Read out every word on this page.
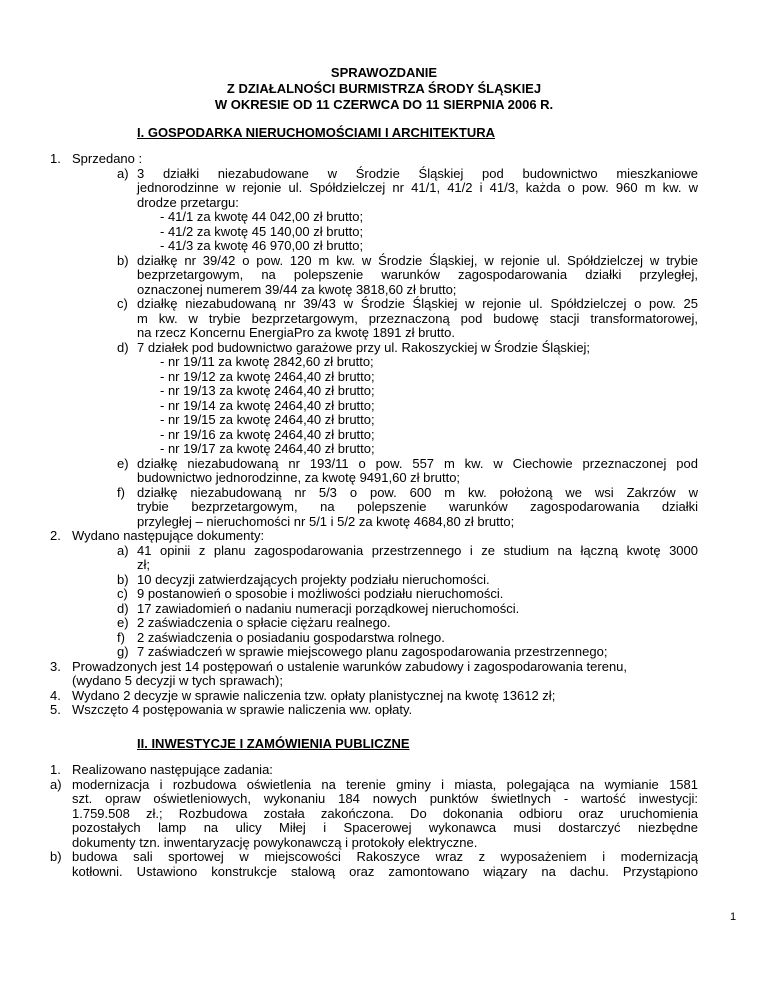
SPRAWOZDANIE
Z DZIAŁALNOŚCI BURMISTRZA ŚRODY ŚLĄSKIEJ
W OKRESIE OD 11 CZERWCA DO 11 SIERPNIA 2006 R.
I. GOSPODARKA NIERUCHOMOŚCIAMI I ARCHITEKTURA
1. Sprzedano :
a) 3 działki niezabudowane w Środzie Śląskiej pod budownictwo mieszkaniowe
jednorodzinne w rejonie ul. Spółdzielczej nr 41/1, 41/2 i 41/3, każda o pow. 960 m kw. w
drodze przetargu:
- 41/1 za kwotę 44 042,00 zł brutto;
- 41/2 za kwotę 45 140,00 zł brutto;
- 41/3 za kwotę 46 970,00 zł brutto;
b) działkę nr 39/42 o pow. 120 m kw. w Środzie Śląskiej, w rejonie ul. Spółdzielczej w trybie
bezprzetargowym, na polepszenie warunków zagospodarowania działki przyległej,
oznaczonej numerem 39/44 za kwotę 3818,60 zł brutto;
c) działkę niezabudowaną nr 39/43 w Środzie Śląskiej w rejonie ul. Spółdzielczej o pow. 25
m kw. w trybie bezprzetargowym, przeznaczoną pod budowę stacji transformatorowej,
na rzecz Koncernu EnergiaPro za kwotę 1891 zł brutto.
d) 7 działek pod budownictwo garażowe przy ul. Rakoszyckiej w Środzie Śląskiej;
- nr 19/11 za kwotę 2842,60 zł brutto;
- nr 19/12 za kwotę 2464,40 zł brutto;
- nr 19/13 za kwotę 2464,40 zł brutto;
- nr 19/14 za kwotę 2464,40 zł brutto;
- nr 19/15 za kwotę 2464,40 zł brutto;
- nr 19/16 za kwotę 2464,40 zł brutto;
- nr 19/17 za kwotę 2464,40 zł brutto;
e) działkę niezabudowaną nr 193/11 o pow. 557 m kw. w Ciechowie przeznaczonej pod
budownictwo jednorodzinne, za kwotę 9491,60 zł brutto;
f) działkę niezabudowaną nr 5/3 o pow. 600 m kw. położoną we wsi Zakrzów w
trybie bezprzetargowym, na polepszenie warunków zagospodarowania działki
przyległej – nieruchomości nr 5/1 i 5/2 za kwotę 4684,80 zł brutto;
2. Wydano następujące dokumenty:
a) 41 opinii z planu zagospodarowania przestrzennego i ze studium na łączną kwotę 3000
zł;
b) 10 decyzji zatwierdzających projekty podziału nieruchomości.
c) 9 postanowień o sposobie i możliwości podziału nieruchomości.
d) 17 zawiadomień o nadaniu numeracji porządkowej nieruchomości.
e) 2 zaświadczenia o spłacie ciężaru realnego.
f) 2 zaświadczenia o posiadaniu gospodarstwa rolnego.
g) 7 zaświadczeń w sprawie miejscowego planu zagospodarowania przestrzennego;
3. Prowadzonych jest 14 postępowań o ustalenie warunków zabudowy i zagospodarowania terenu,
(wydano 5 decyzji w tych sprawach);
4. Wydano 2 decyzje w sprawie naliczenia tzw. opłaty planistycznej na kwotę 13612 zł;
5. Wszczęto 4 postępowania w sprawie naliczenia ww. opłaty.
II. INWESTYCJE I ZAMÓWIENIA PUBLICZNE
1. Realizowano następujące zadania:
a) modernizacja i rozbudowa oświetlenia na terenie gminy i miasta, polegająca na wymianie 1581
szt. opraw oświetleniowych, wykonaniu 184 nowych punktów świetlnych - wartość inwestycji:
1.759.508 zł.; Rozbudowa została zakończona. Do dokonania odbioru oraz uruchomienia
pozostałych lamp na ulicy Miłej i Spacerowej wykonawca musi dostarczyć niezbędne
dokumenty tzn. inwentaryzację powykonawczą i protokoły elektryczne.
b) budowa sali sportowej w miejscowości Rakoszyce wraz z wyposażeniem i modernizacją
kotłowni. Ustawiono konstrukcje stalową oraz zamontowano wiązary na dachu. Przystąpiono
1
